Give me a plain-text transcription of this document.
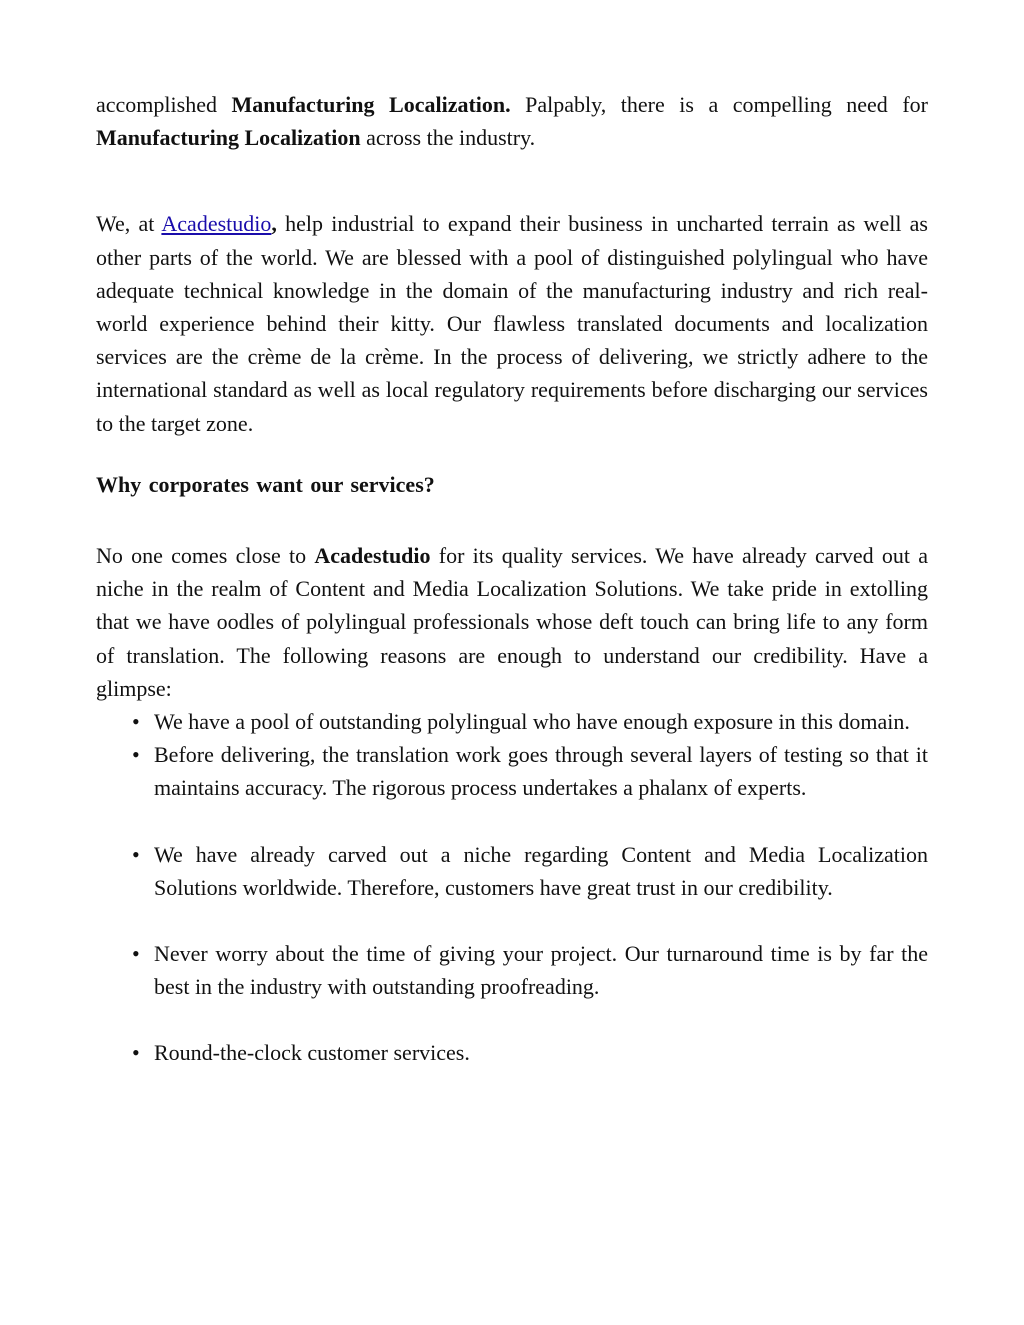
accomplished Manufacturing Localization. Palpably, there is a compelling need for Manufacturing Localization across the industry.

We, at Acadestudio, help industrial to expand their business in uncharted terrain as well as other parts of the world. We are blessed with a pool of distinguished polylingual who have adequate technical knowledge in the domain of the manufacturing industry and rich real-world experience behind their kitty. Our flawless translated documents and localization services are the crème de la crème. In the process of delivering, we strictly adhere to the international standard as well as local regulatory requirements before discharging our services to the target zone.

Why corporates want our services?

No one comes close to Acadestudio for its quality services. We have already carved out a niche in the realm of Content and Media Localization Solutions. We take pride in extolling that we have oodles of polylingual professionals whose deft touch can bring life to any form of translation. The following reasons are enough to understand our credibility. Have a glimpse:

• We have a pool of outstanding polylingual who have enough exposure in this domain.
• Before delivering, the translation work goes through several layers of testing so that it maintains accuracy. The rigorous process undertakes a phalanx of experts.
• We have already carved out a niche regarding Content and Media Localization Solutions worldwide. Therefore, customers have great trust in our credibility.
• Never worry about the time of giving your project. Our turnaround time is by far the best in the industry with outstanding proofreading.
• Round-the-clock customer services.
